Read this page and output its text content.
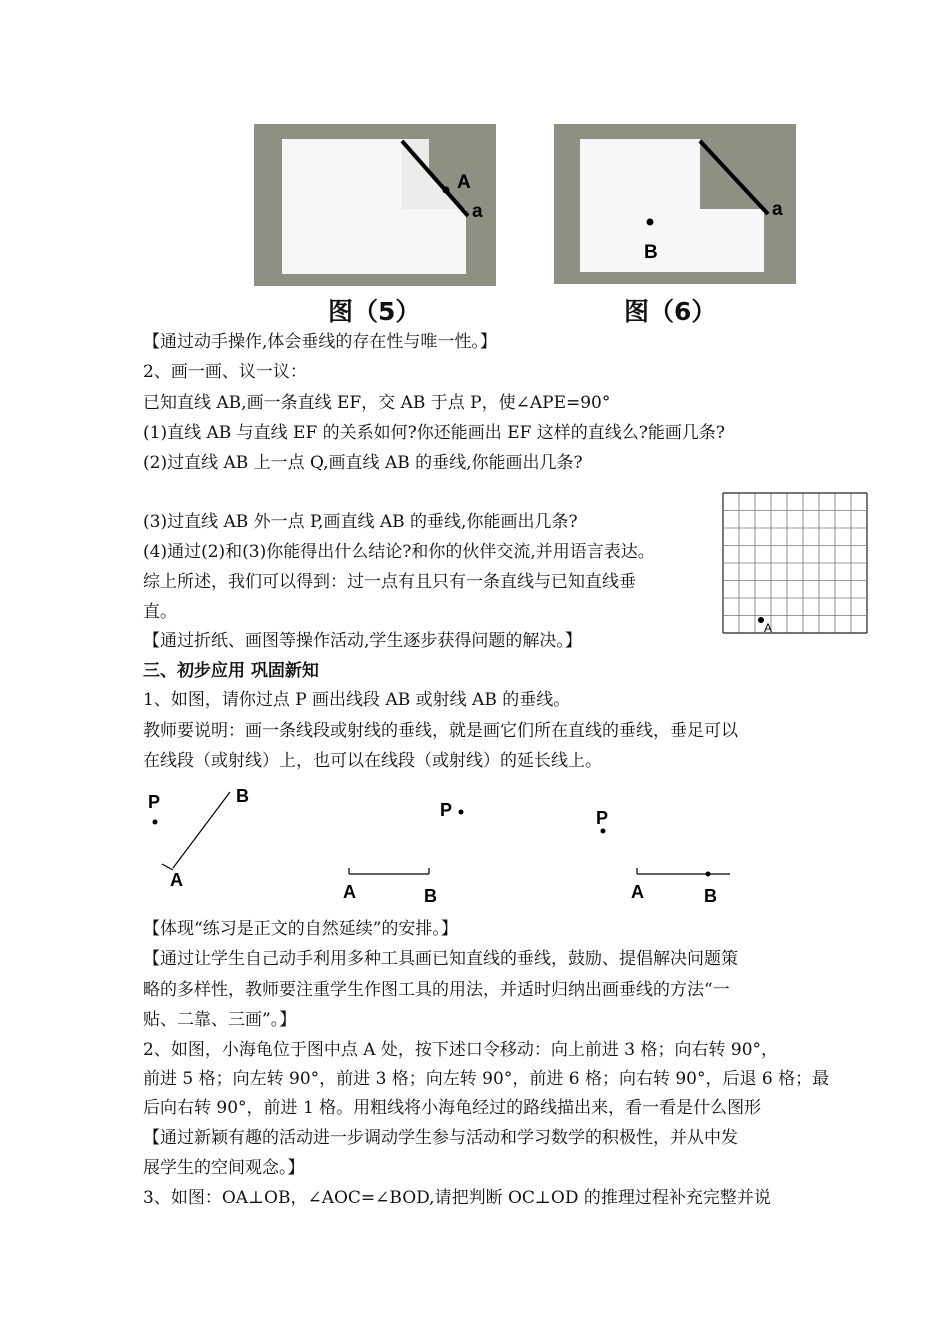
A
a
B
a
图（5）	图（6）
【通过动手操作,体会垂线的存在性与唯一性。】
2、画一画、议一议：
已知直线 AB,画一条直线 EF，交 AB 于点 P，使∠APE=90°
(1)直线 AB 与直线 EF 的关系如何?你还能画出 EF 这样的直线么?能画几条?
(2)过直线 AB 上一点 Q,画直线 AB 的垂线,你能画出几条?
(3)过直线 AB 外一点 P,画直线 AB 的垂线,你能画出几条?
(4)通过(2)和(3)你能得出什么结论?和你的伙伴交流,并用语言表达。
综上所述，我们可以得到：过一点有且只有一条直线与已知直线垂
直。
【通过折纸、画图等操作活动,学生逐步获得问题的解决。】
三、初步应用 巩固新知
1、如图，请你过点 P 画出线段 AB 或射线 AB 的垂线。
教师要说明：画一条线段或射线的垂线，就是画它们所在直线的垂线，垂足可以
在线段（或射线）上，也可以在线段（或射线）的延长线上。
【体现“练习是正文的自然延续”的安排。】
【通过让学生自己动手利用多种工具画已知直线的垂线，鼓励、提倡解决问题策
略的多样性，教师要注重学生作图工具的用法，并适时归纳出画垂线的方法“一
贴、二靠、三画”。】
2、如图，小海龟位于图中点 A 处，按下述口令移动：向上前进 3 格；向右转 90°，
前进 5 格；向左转 90°，前进 3 格；向左转 90°，前进 6 格；向右转 90°，后退 6 格；最
后向右转 90°，前进 1 格。用粗线将小海龟经过的路线描出来，看一看是什么图形
【通过新颖有趣的活动进一步调动学生参与活动和学习数学的积极性，并从中发
展学生的空间观念。】
3、如图：OA⊥OB，∠AOC=∠BOD,请把判断 OC⊥OD 的推理过程补充完整并说
A
P	B
A
P
A	B
P
A	B
